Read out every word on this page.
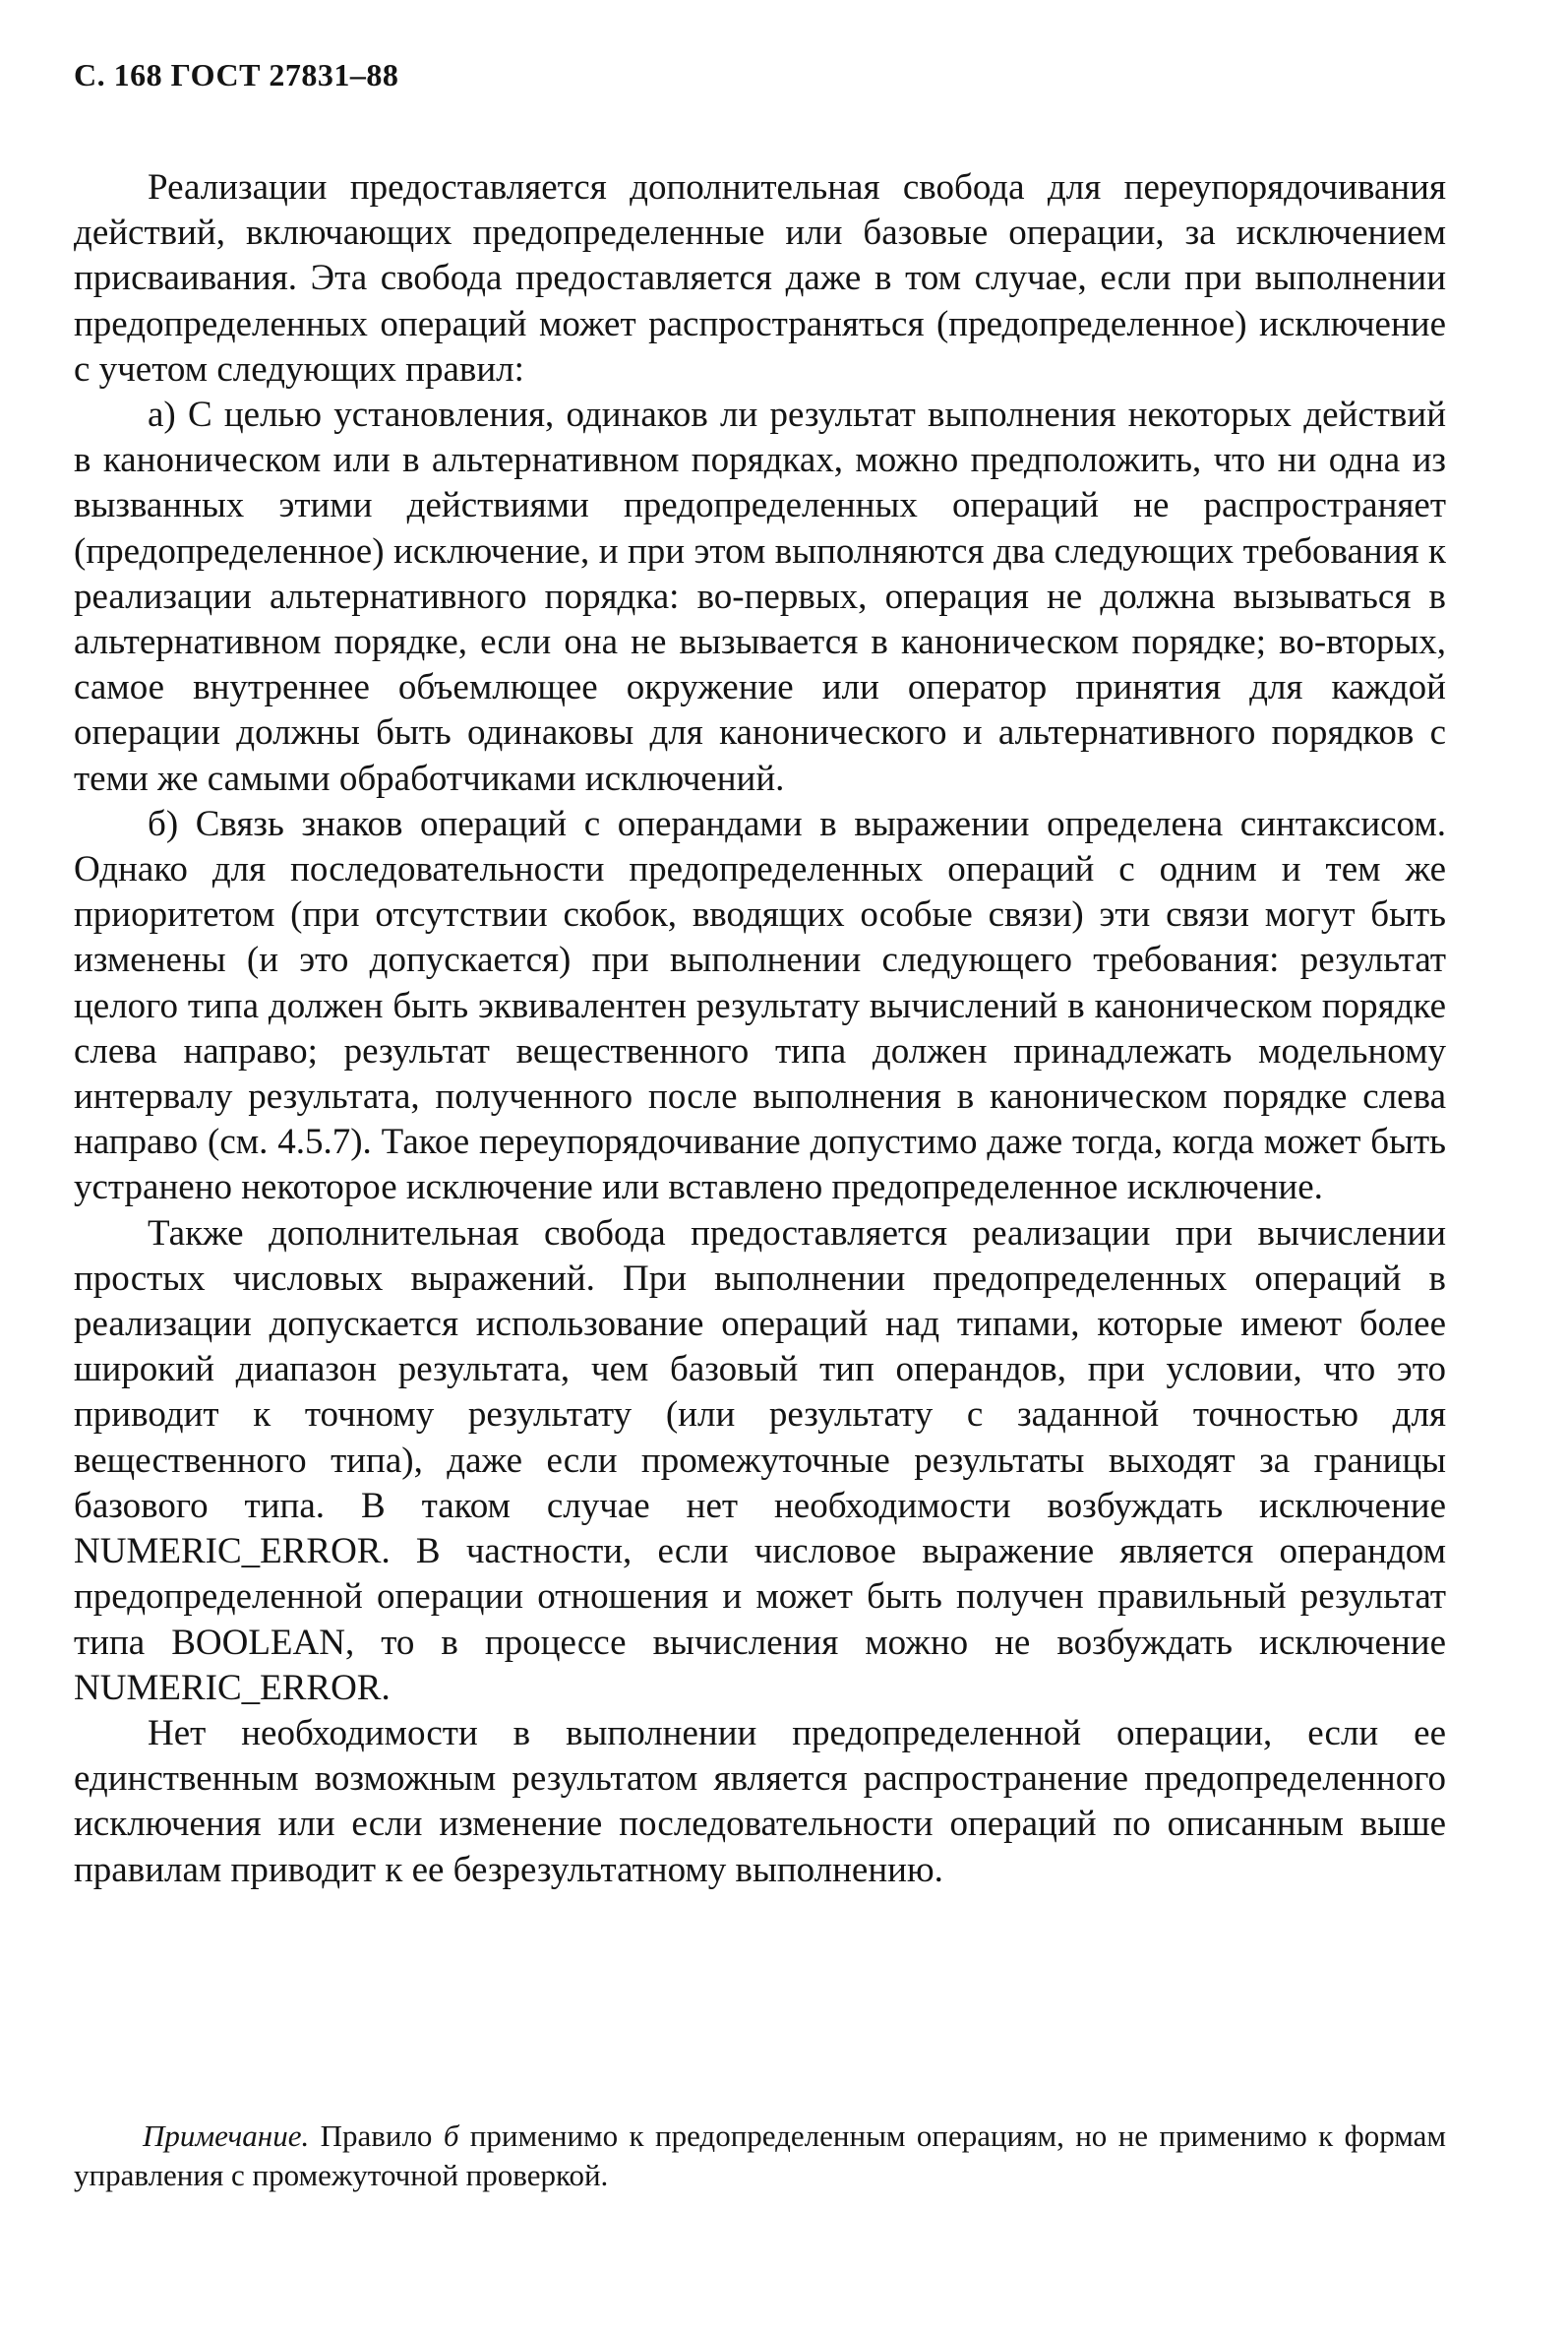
С. 168 ГОСТ 27831–88

Реализации предоставляется дополнительная свобода для переупорядочивания действий, включающих предопределенные или базовые операции, за исключением присваивания. Эта свобода предоставляется даже в том случае, если при выполнении предопределенных операций может распространяться (предопределенное) исключение с учетом следующих правил:

а) С целью установления, одинаков ли результат выполнения некоторых действий в каноническом или в альтернативном порядках, можно предположить, что ни одна из вызванных этими действиями предопределенных операций не распространяет (предопределенное) исключение, и при этом выполняются два следующих требования к реализации альтернативного порядка: во-первых, операция не должна вызываться в альтернативном порядке, если она не вызывается в каноническом порядке; во-вторых, самое внутреннее объемлющее окружение или оператор принятия для каждой операции должны быть одинаковы для канонического и альтернативного порядков с теми же самыми обработчиками исключений.

б) Связь знаков операций с операндами в выражении определена синтаксисом. Однако для последовательности предопределенных операций с одним и тем же приоритетом (при отсутствии скобок, вводящих особые связи) эти связи могут быть изменены (и это допускается) при выполнении следующего требования: результат целого типа должен быть эквивалентен результату вычислений в каноническом порядке слева направо; результат вещественного типа должен принадлежать модельному интервалу результата, полученного после выполнения в каноническом порядке слева направо (см. 4.5.7). Такое переупорядочивание допустимо даже тогда, когда может быть устранено некоторое исключение или вставлено предопределенное исключение.

Также дополнительная свобода предоставляется реализации при вычислении простых числовых выражений. При выполнении предопределенных операций в реализации допускается использование операций над типами, которые имеют более широкий диапазон результата, чем базовый тип операндов, при условии, что это приводит к точному результату (или результату с заданной точностью для вещественного типа), даже если промежуточные результаты выходят за границы базового типа. В таком случае нет необходимости возбуждать исключение NUMERIC_ERROR. В частности, если числовое выражение является операндом предопределенной операции отношения и может быть получен правильный результат типа BOOLEAN, то в процессе вычисления можно не возбуждать исключение NUMERIC_ERROR.

Нет необходимости в выполнении предопределенной операции, если ее единственным возможным результатом является распространение предопределенного исключения или если изменение последовательности операций по описанным выше правилам приводит к ее безрезультатному выполнению.

Примечание. Правило б применимо к предопределенным операциям, но не применимо к формам управления с промежуточной проверкой.
